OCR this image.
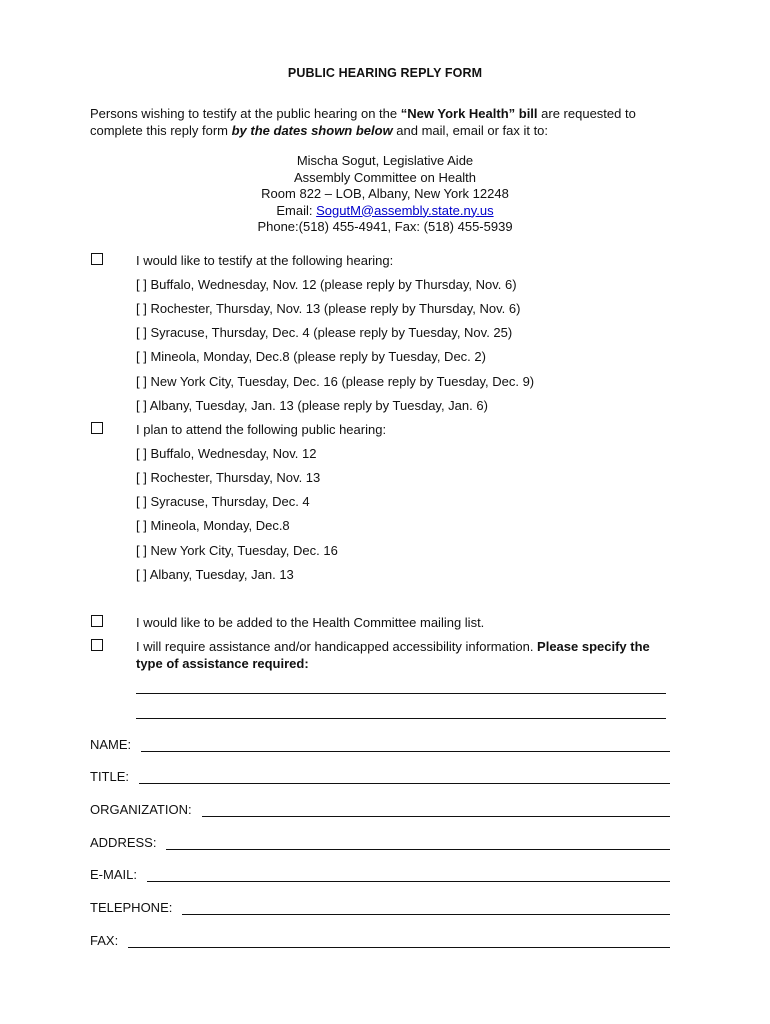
PUBLIC HEARING REPLY FORM
Persons wishing to testify at the public hearing on the “New York Health” bill are requested to complete this reply form by the dates shown below and mail, email or fax it to:
Mischa Sogut, Legislative Aide
Assembly Committee on Health
Room 822 – LOB, Albany, New York 12248
Email: SogutM@assembly.state.ny.us
Phone:(518) 455-4941, Fax: (518) 455-5939
I would like to testify at the following hearing:
[ ] Buffalo, Wednesday, Nov. 12 (please reply by Thursday, Nov. 6)
[ ] Rochester, Thursday, Nov. 13 (please reply by Thursday, Nov. 6)
[ ] Syracuse, Thursday, Dec. 4 (please reply by Tuesday, Nov. 25)
[ ] Mineola, Monday, Dec.8 (please reply by Tuesday, Dec. 2)
[ ] New York City, Tuesday, Dec. 16 (please reply by Tuesday, Dec. 9)
[ ] Albany, Tuesday, Jan. 13 (please reply by Tuesday, Jan. 6)
I plan to attend the following public hearing:
[ ] Buffalo, Wednesday, Nov. 12
[ ] Rochester, Thursday, Nov. 13
[ ] Syracuse, Thursday, Dec. 4
[ ] Mineola, Monday, Dec.8
[ ] New York City, Tuesday, Dec. 16
[ ] Albany, Tuesday, Jan. 13
I would like to be added to the Health Committee mailing list.
I will require assistance and/or handicapped accessibility information. Please specify the type of assistance required:
NAME:
TITLE:
ORGANIZATION:
ADDRESS:
E-MAIL:
TELEPHONE:
FAX:
